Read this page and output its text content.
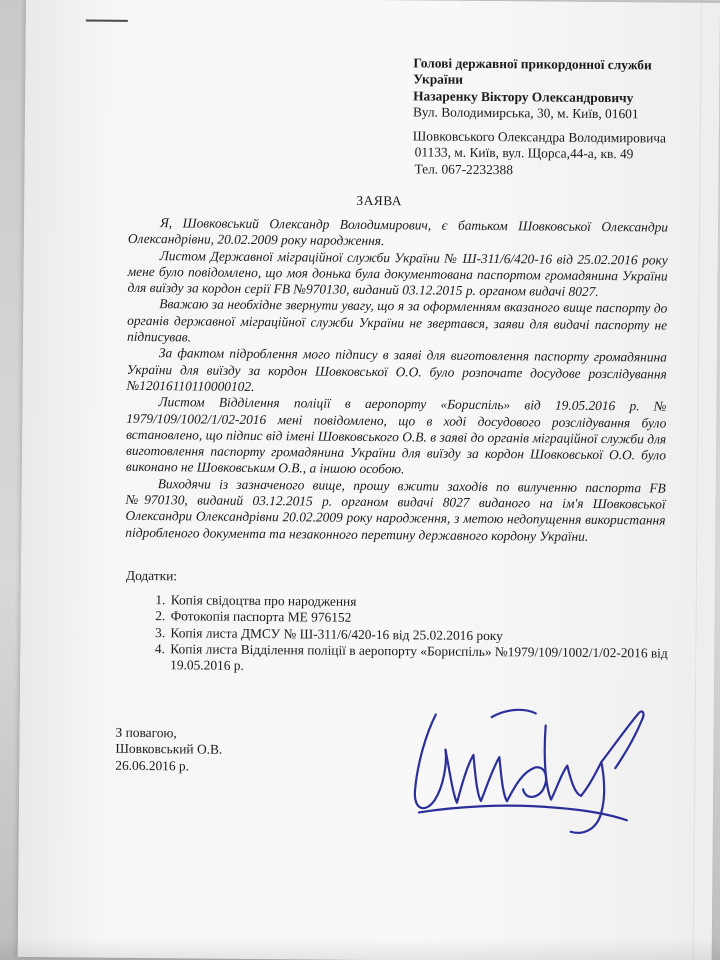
Голові державної прикордонної служби
України
Назаренку Віктору Олександровичу
Вул. Володимирська, 30, м. Київ, 01601
Шовковського Олександра Володимировича
01133, м. Київ, вул. Щорса,44-а, кв. 49
Тел. 067-2232388
ЗАЯВА

Я, Шовковський Олександр Володимирович, є батьком Шовковської Олександри Олександрівни, 20.02.2009 року народження.

Листом Державної міграційної служби України № Ш-311/6/420-16 від 25.02.2016 року мене було повідомлено, що моя донька була документована паспортом громадянина України для виїзду за кордон серії FB №970130, виданий 03.12.2015 р. органом видачі 8027.

Вважаю за необхідне звернути увагу, що я за оформленням вказаного вище паспорту до органів державної міграційної служби України не звертався, заяви для видачі паспорту не підписував.

За фактом підроблення мого підпису в заяві для виготовлення паспорту громадянина України для виїзду за кордон Шовковської О.О. було розпочате досудове розслідування №12016110110000102.

Листом Відділення поліції в аеропорту «Бориспіль» від 19.05.2016 р. № 1979/109/1002/1/02-2016 мені повідомлено, що в ході досудового розслідування було встановлено, що підпис від імені Шовковського О.В. в заяві до органів міграційної служби для виготовлення паспорту громадянина України для виїзду за кордон Шовковської О.О. було виконано не Шовковським О.В., а іншою особою.

Виходячи із зазначеного вище, прошу вжити заходів по вилученню паспорта FB №970130, виданий 03.12.2015 р. органом видачі 8027 виданого на ім'я Шовковської Олександри Олександрівни 20.02.2009 року народження, з метою недопущення використання підробленого документа та незаконного перетину державного кордону України.

Додатки:
1. Копія свідоцтва про народження
2. Фотокопія паспорта МЕ 976152
3. Копія листа ДМСУ № Ш-311/6/420-16 від 25.02.2016 року
4. Копія листа Відділення поліції в аеропорту «Бориспіль» №1979/109/1002/1/02-2016 від 19.05.2016 р.
З повагою,
Шовковський О.В.
26.06.2016 р.
